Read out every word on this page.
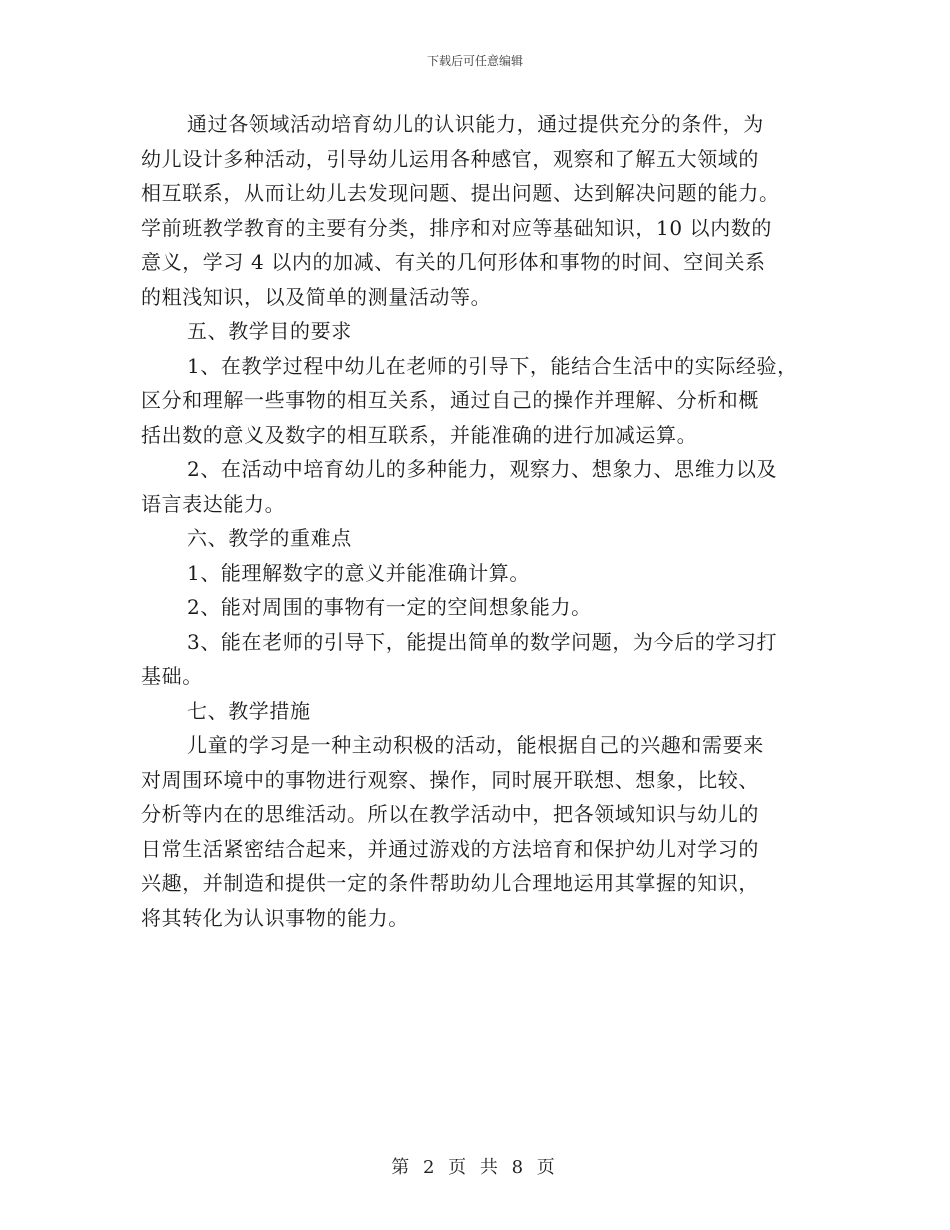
下载后可任意编辑
通过各领域活动培育幼儿的认识能力，通过提供充分的条件，为
幼儿设计多种活动，引导幼儿运用各种感官，观察和了解五大领域的
相互联系，从而让幼儿去发现问题、提出问题、达到解决问题的能力。
学前班教学教育的主要有分类，排序和对应等基础知识，10 以内数的
意义，学习 4 以内的加减、有关的几何形体和事物的时间、空间关系
的粗浅知识，以及简单的测量活动等。
五、教学目的要求
1、在教学过程中幼儿在老师的引导下，能结合生活中的实际经验，
区分和理解一些事物的相互关系，通过自己的操作并理解、分析和概
括出数的意义及数字的相互联系，并能准确的进行加减运算。
2、在活动中培育幼儿的多种能力，观察力、想象力、思维力以及
语言表达能力。
六、教学的重难点
1、能理解数字的意义并能准确计算。
2、能对周围的事物有一定的空间想象能力。
3、能在老师的引导下，能提出简单的数学问题，为今后的学习打
基础。
七、教学措施
儿童的学习是一种主动积极的活动，能根据自己的兴趣和需要来
对周围环境中的事物进行观察、操作，同时展开联想、想象，比较、
分析等内在的思维活动。所以在教学活动中，把各领域知识与幼儿的
日常生活紧密结合起来，并通过游戏的方法培育和保护幼儿对学习的
兴趣，并制造和提供一定的条件帮助幼儿合理地运用其掌握的知识，
将其转化为认识事物的能力。
第 2 页 共 8 页
